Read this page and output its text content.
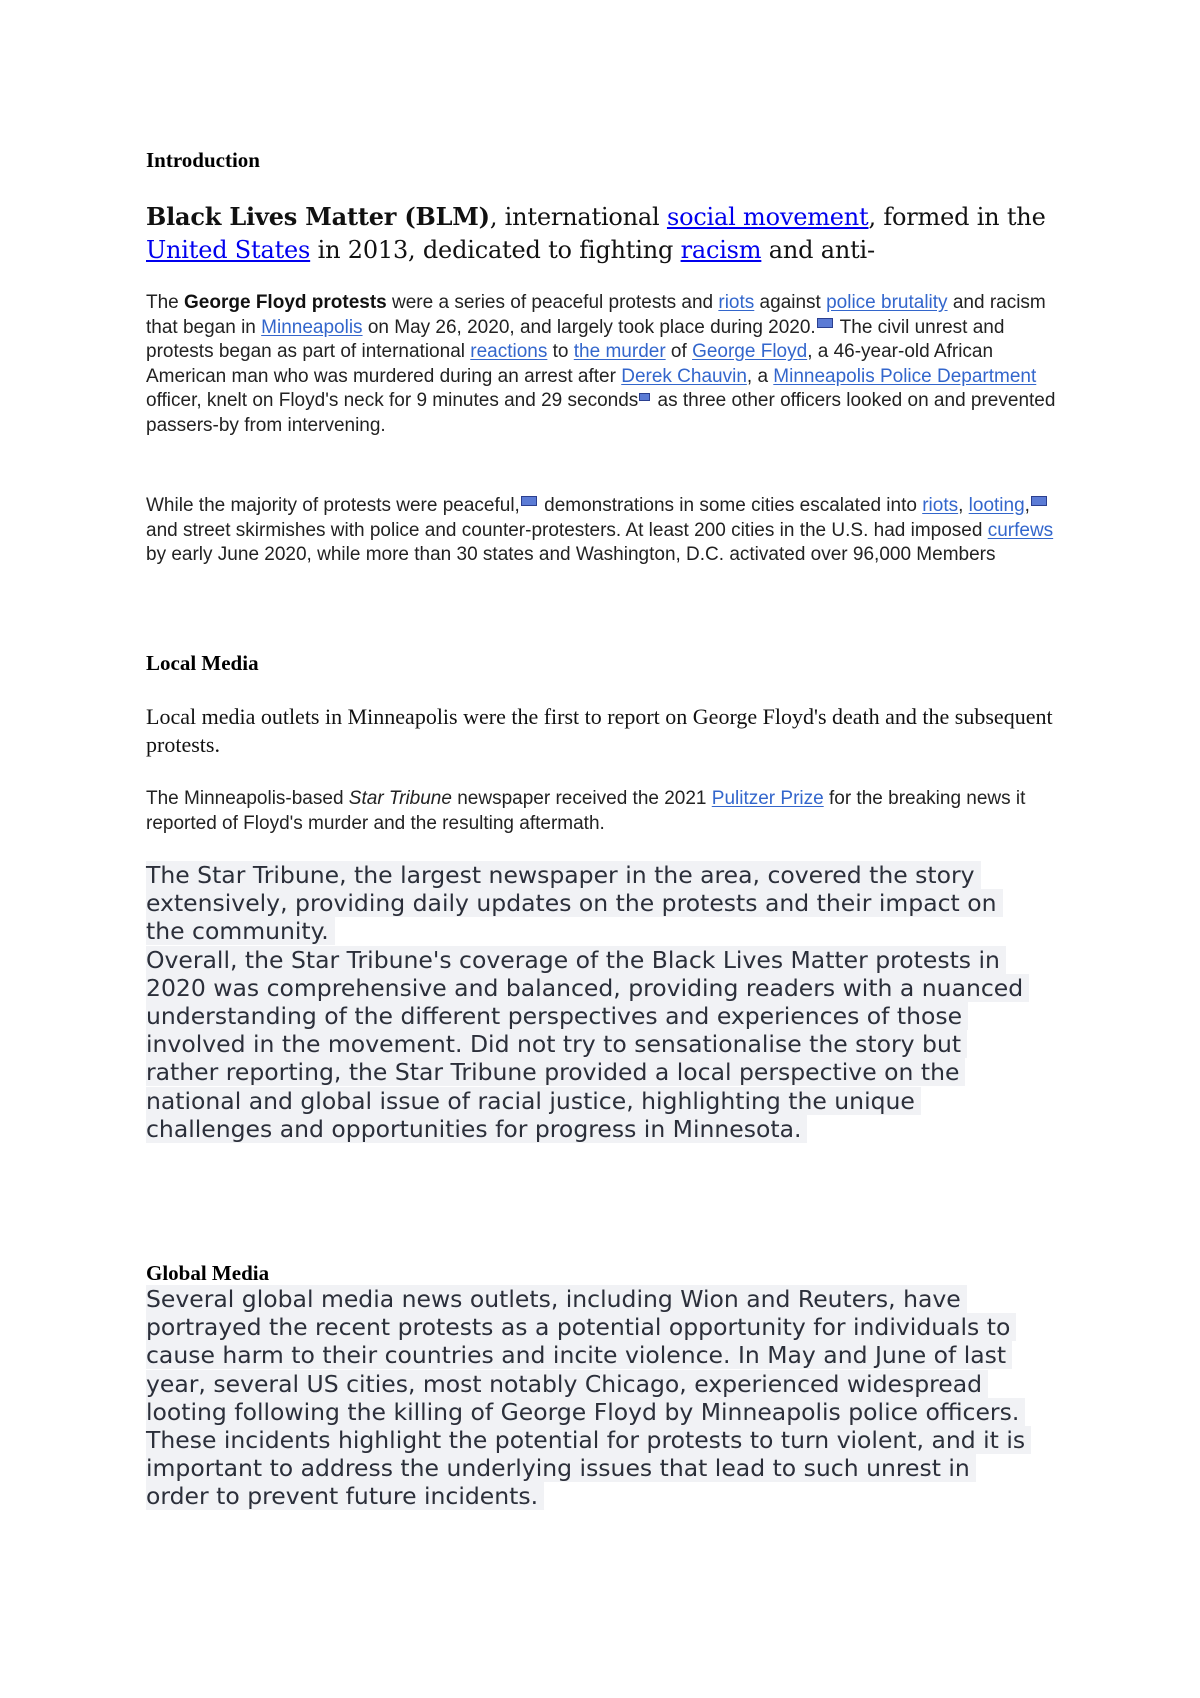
Introduction
Black Lives Matter (BLM), international social movement, formed in the United States in 2013, dedicated to fighting racism and anti-
The George Floyd protests were a series of peaceful protests and riots against police brutality and racism that began in Minneapolis on May 26, 2020, and largely took place during 2020. The civil unrest and protests began as part of international reactions to the murder of George Floyd, a 46-year-old African American man who was murdered during an arrest after Derek Chauvin, a Minneapolis Police Department officer, knelt on Floyd's neck for 9 minutes and 29 seconds as three other officers looked on and prevented passers-by from intervening.
While the majority of protests were peaceful, demonstrations in some cities escalated into riots, looting, and street skirmishes with police and counter-protesters. At least 200 cities in the U.S. had imposed curfews by early June 2020, while more than 30 states and Washington, D.C. activated over 96,000 Members
Local Media
Local media outlets in Minneapolis were the first to report on George Floyd's death and the subsequent protests.
The Minneapolis-based Star Tribune newspaper received the 2021 Pulitzer Prize for the breaking news it reported of Floyd's murder and the resulting aftermath.
The Star Tribune, the largest newspaper in the area, covered the story
extensively, providing daily updates on the protests and their impact on
the community.
Overall, the Star Tribune's coverage of the Black Lives Matter protests in
2020 was comprehensive and balanced, providing readers with a nuanced
understanding of the different perspectives and experiences of those
involved in the movement. Did not try to sensationalise the story but
rather reporting, the Star Tribune provided a local perspective on the
national and global issue of racial justice, highlighting the unique
challenges and opportunities for progress in Minnesota.
Global Media
Several global media news outlets, including Wion and Reuters, have
portrayed the recent protests as a potential opportunity for individuals to
cause harm to their countries and incite violence. In May and June of last
year, several US cities, most notably Chicago, experienced widespread
looting following the killing of George Floyd by Minneapolis police officers.
These incidents highlight the potential for protests to turn violent, and it is
important to address the underlying issues that lead to such unrest in
order to prevent future incidents.
